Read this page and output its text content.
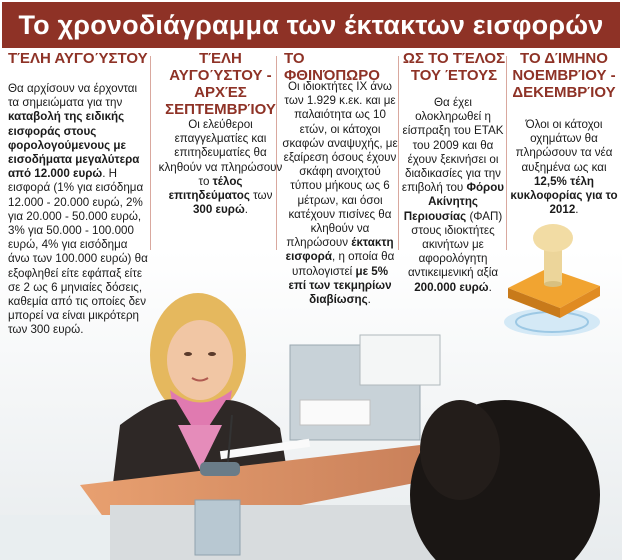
Το χρονοδιάγραμμα των έκτακτων εισφορών
ΤΈΛΗ ΑΥΓΟΎΣΤΟΥ	ΤΈΛΗ ΑΥΓΟΎΣΤΟΥ - ΑΡΧΈΣ ΣΕΠΤΕΜΒΡΊΟΥ
ΤΟ ΦΘΙΝΌΠΩΡΟ
ΩΣ ΤΟ ΤΈΛΟΣ ΤΟΥ ΈΤΟΥΣ
ΤΟ ΔΊΜΗΝΟ ΝΟΕΜΒΡΊΟΥ - ΔΕΚΕΜΒΡΊΟΥ
Θα αρχίσουν να έρχονται τα σημειώματα για την καταβολή της ειδικής εισφοράς στους φορολογούμενους με εισοδήματα μεγαλύτερα από 12.000 ευρώ. Η εισφορά (1% για εισόδημα 12.000 - 20.000 ευρώ, 2% για 20.000 - 50.000 ευρώ, 3% για 50.000 - 100.000 ευρώ, 4% για εισόδημα άνω των 100.000 ευρώ) θα εξοφληθεί είτε εφάπαξ είτε σε 2 ως 6 μηνιαίες δόσεις, καθεμία από τις οποίες δεν μπορεί να είναι μικρότερη των 300 ευρώ.
Οι ελεύθεροι επαγγελματίες και επιτηδευματίες θα κληθούν να πληρώσουν το τέλος επιτηδεύματος των 300 ευρώ.
Οι ιδιοκτήτες ΙΧ άνω των 1.929 κ.εκ. και με παλαιότητα ως 10 ετών, οι κάτοχοι σκαφών αναψυχής, με εξαίρεση όσους έχουν σκάφη ανοιχτού τύπου μήκους ως 6 μέτρων, και όσοι κατέχουν πισίνες θα κληθούν να πληρώσουν έκτακτη εισφορά, η οποία θα υπολογιστεί με 5% επί των τεκμηρίων διαβίωσης.
Θα έχει ολοκληρωθεί η είσπραξη του ΕΤΑΚ του 2009 και θα έχουν ξεκινήσει οι διαδικασίες για την επιβολή του Φόρου Ακίνητης Περιουσίας (ΦΑΠ) στους ιδιοκτήτες ακινήτων με αφορολόγητη αντικειμενική αξία 200.000 ευρώ.
Όλοι οι κάτοχοι οχημάτων θα πληρώσουν τα νέα αυξημένα ως και 12,5% τέλη κυκλοφορίας για το 2012.
